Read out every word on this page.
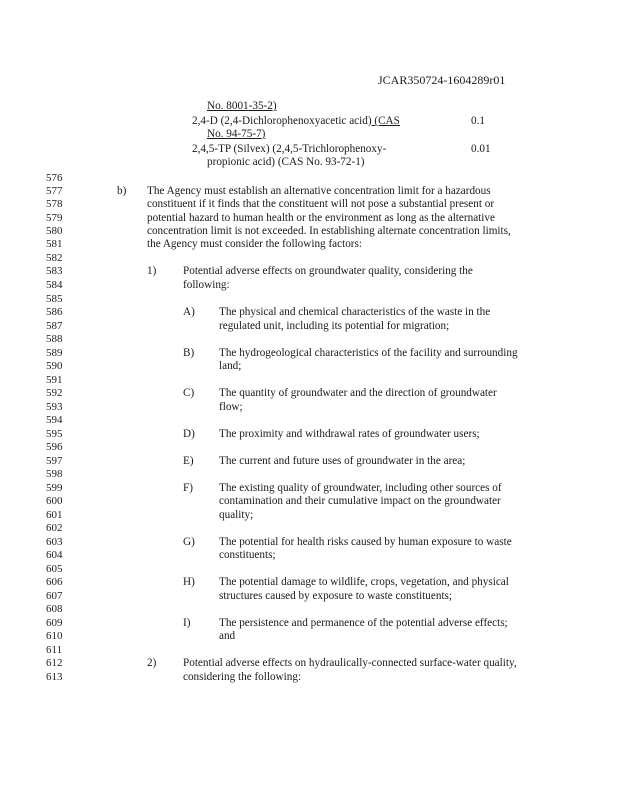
JCAR350724-1604289r01
No. 8001-35-2)
2,4-D (2,4-Dichlorophenoxyacetic acid) (CAS
No. 94-75-7)
0.1
2,4,5-TP (Silvex) (2,4,5-Trichlorophenoxy-
propionic acid) (CAS No. 93-72-1)
0.01
576
577
578
579
580
581
582
583
584
585
586
587
588
589
590
591
592
593
594
595
596
597
598
599
600
601
602
603
604
605
606
607
608
609
610
611
612
613
b) The Agency must establish an alternative concentration limit for a hazardous
constituent if it finds that the constituent will not pose a substantial present or
potential hazard to human health or the environment as long as the alternative
concentration limit is not exceeded. In establishing alternate concentration limits,
the Agency must consider the following factors:
1) Potential adverse effects on groundwater quality, considering the
following:
A) The physical and chemical characteristics of the waste in the
regulated unit, including its potential for migration;
B) The hydrogeological characteristics of the facility and surrounding
land;
C) The quantity of groundwater and the direction of groundwater
flow;
D) The proximity and withdrawal rates of groundwater users;
E) The current and future uses of groundwater in the area;
F) The existing quality of groundwater, including other sources of
contamination and their cumulative impact on the groundwater
quality;
G) The potential for health risks caused by human exposure to waste
constituents;
H) The potential damage to wildlife, crops, vegetation, and physical
structures caused by exposure to waste constituents;
I)	The persistence and permanence of the potential adverse effects;
and
2) Potential adverse effects on hydraulically-connected surface-water quality,
considering the following:
